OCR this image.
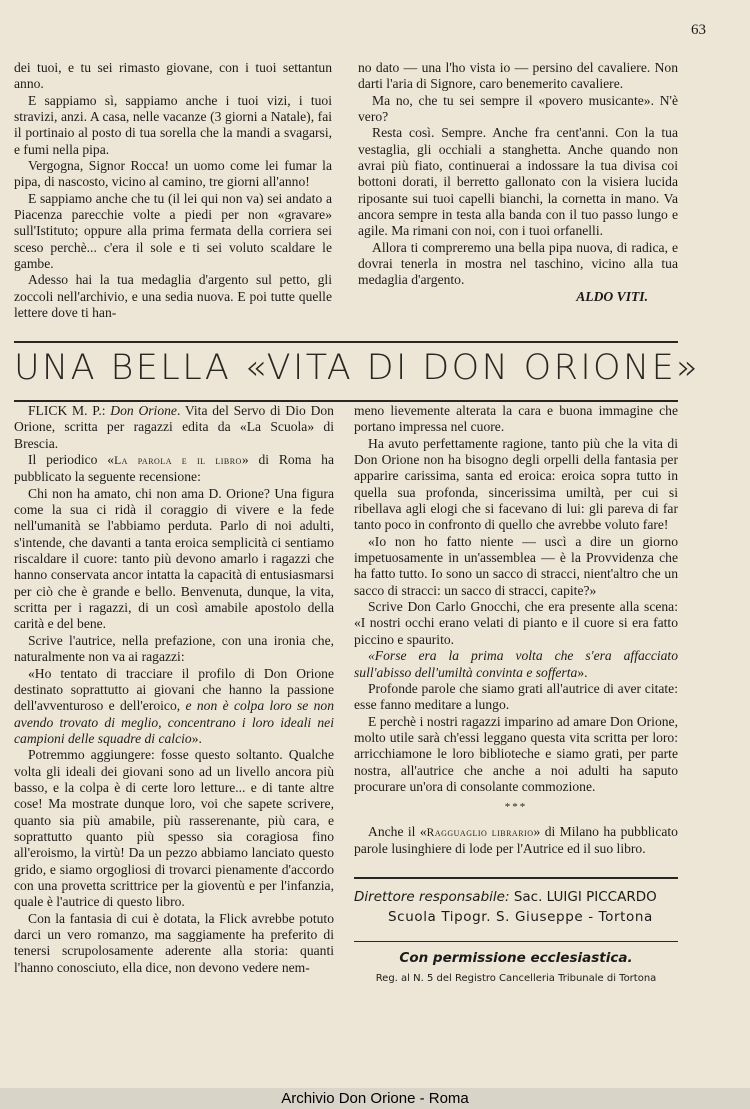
63

dei tuoi, e tu sei rimasto giovane, con i tuoi settantun anno.

E sappiamo sì, sappiamo anche i tuoi vizi, i tuoi stravizi, anzi. A casa, nelle vacanze (3 giorni a Natale), fai il portinaio al posto di tua sorella che la mandi a svagarsi, e fumi nella pipa.

Vergogna, Signor Rocca! un uomo come lei fumar la pipa, di nascosto, vicino al camino, tre giorni all'anno!

E sappiamo anche che tu (il lei qui non va) sei andato a Piacenza parecchie volte a piedi per non «gravare» sull'Istituto; oppure alla prima fermata della corriera sei sceso perchè... c'era il sole e ti sei voluto scaldare le gambe.

Adesso hai la tua medaglia d'argento sul petto, gli zoccoli nell'archivio, e una sedia nuova. E poi tutte quelle lettere dove ti han-

no dato — una l'ho vista io — persino del cavaliere. Non darti l'aria di Signore, caro benemerito cavaliere.

Ma no, che tu sei sempre il «povero musicante». N'è vero?

Resta così. Sempre. Anche fra cent'anni. Con la tua vestaglia, gli occhiali a stanghetta. Anche quando non avrai più fiato, continuerai a indossare la tua divisa coi bottoni dorati, il berretto gallonato con la visiera lucida riposante sui tuoi capelli bianchi, la cornetta in mano. Va ancora sempre in testa alla banda con il tuo passo lungo e agile. Ma rimani con noi, con i tuoi orfanelli.

Allora ti compreremo una bella pipa nuova, di radica, e dovrai tenerla in mostra nel taschino, vicino alla tua medaglia d'argento.

ALDO VITI.
UNA BELLA «VITA DI DON ORIONE»

FLICK M. P.: Don Orione. Vita del Servo di Dio Don Orione, scritta per ragazzi edita da «La Scuola» di Brescia.

Il periodico «La parola e il libro» di Roma ha pubblicato la seguente recensione:

Chi non ha amato, chi non ama D. Orione? Una figura come la sua ci ridà il coraggio di vivere e la fede nell'umanità se l'abbiamo perduta. Parlo di noi adulti, s'intende, che davanti a tanta eroica semplicità ci sentiamo riscaldare il cuore: tanto più devono amarlo i ragazzi che hanno conservata ancor intatta la capacità di entusiasmarsi per ciò che è grande e bello. Benvenuta, dunque, la vita, scritta per i ragazzi, di un così amabile apostolo della carità e del bene.

Scrive l'autrice, nella prefazione, con una ironia che, naturalmente non va ai ragazzi:

«Ho tentato di tracciare il profilo di Don Orione destinato soprattutto ai giovani che hanno la passione dell'avventuroso e dell'eroico, e non è colpa loro se non avendo trovato di meglio, concentrano i loro ideali nei campioni delle squadre di calcio».

Potremmo aggiungere: fosse questo soltanto. Qualche volta gli ideali dei giovani sono ad un livello ancora più basso, e la colpa è di certe loro letture... e di tante altre cose! Ma mostrate dunque loro, voi che sapete scrivere, quanto sia più amabile, più rasserenante, più cara, e soprattutto quanto più spesso sia coragiosa fino all'eroismo, la virtù! Da un pezzo abbiamo lanciato questo grido, e siamo orgogliosi di trovarci pienamente d'accordo con una provetta scrittrice per la gioventù e per l'infanzia, quale è l'autrice di questo libro.

Con la fantasia di cui è dotata, la Flick avrebbe potuto darci un vero romanzo, ma saggiamente ha preferito di tenersi scrupolosamente aderente alla storia: quanti l'hanno conosciuto, ella dice, non devono vedere nem-

meno lievemente alterata la cara e buona immagine che portano impressa nel cuore.

Ha avuto perfettamente ragione, tanto più che la vita di Don Orione non ha bisogno degli orpelli della fantasia per apparire carissima, santa ed eroica: eroica sopra tutto in quella sua profonda, sincerissima umiltà, per cui si ribellava agli elogi che si facevano di lui: gli pareva di far tanto poco in confronto di quello che avrebbe voluto fare!

«Io non ho fatto niente — uscì a dire un giorno impetuosamente in un'assemblea — è la Provvidenza che ha fatto tutto. Io sono un sacco di stracci, nient'altro che un sacco di stracci: un sacco di stracci, capite?»

Scrive Don Carlo Gnocchi, che era presente alla scena: «I nostri occhi erano velati di pianto e il cuore si era fatto piccino e spaurito.

«Forse era la prima volta che s'era affacciato sull'abisso dell'umiltà convinta e sofferta».

Profonde parole che siamo grati all'autrice di aver citate: esse fanno meditare a lungo.

E perchè i nostri ragazzi imparino ad amare Don Orione, molto utile sarà ch'essi leggano questa vita scritta per loro: arricchiamone le loro biblioteche e siamo grati, per parte nostra, all'autrice che anche a noi adulti ha saputo procurare un'ora di consolante commozione.

***

Anche il «Ragguaglio librario» di Milano ha pubblicato parole lusinghiere di lode per l'Autrice ed il suo libro.

Direttore responsabile: Sac. LUIGI PICCARDO
Scuola Tipogr. S. Giuseppe - Tortona
Con permissione ecclesiastica.
Reg. al N. 5 del Registro Cancelleria Tribunale di Tortona
Archivio Don Orione - Roma
